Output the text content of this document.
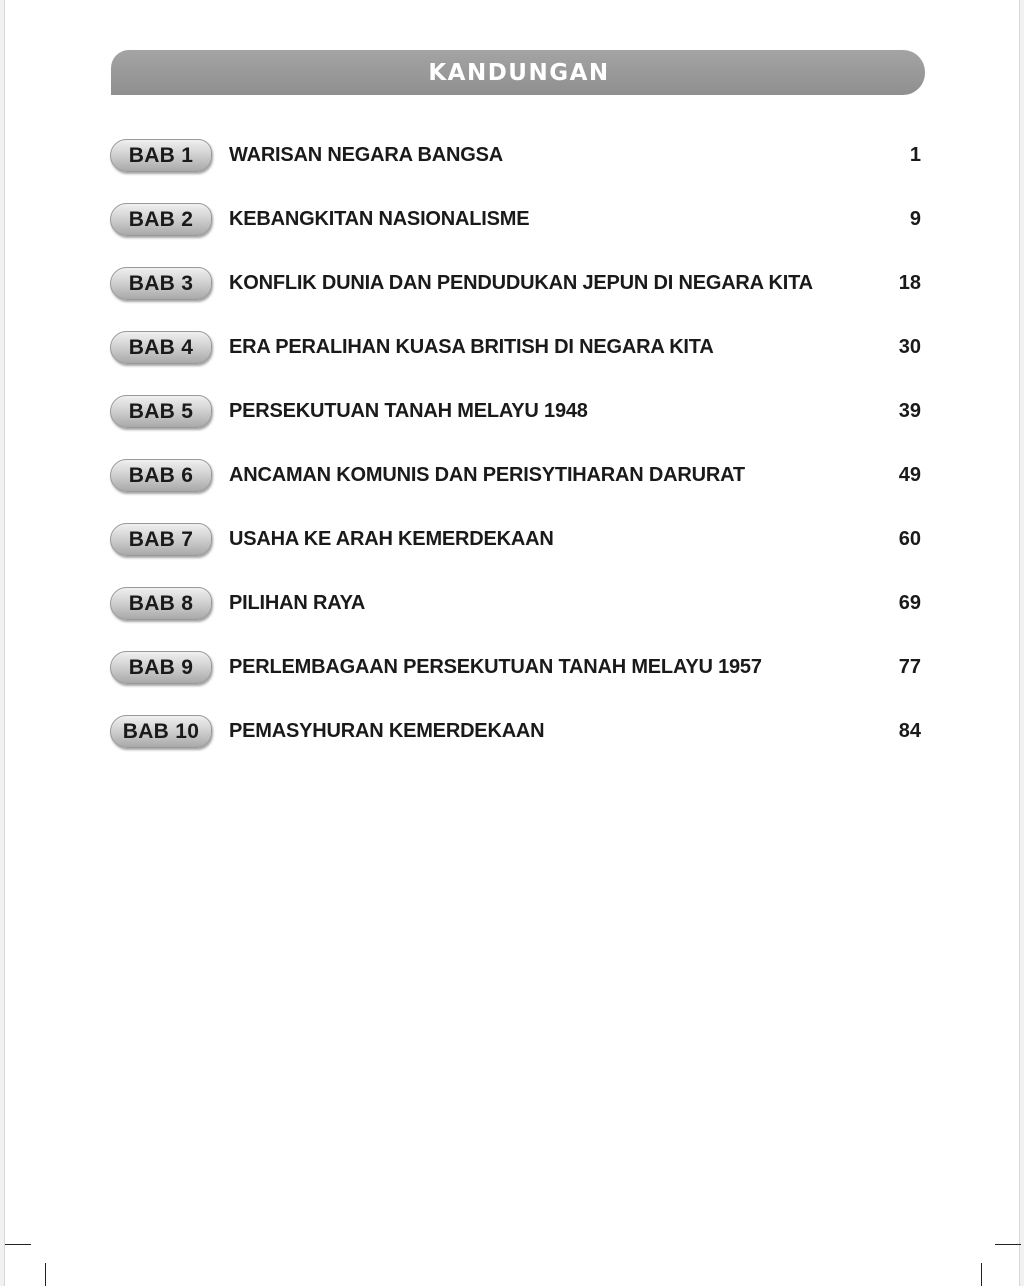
KANDUNGAN
BAB 1 WARISAN NEGARA BANGSA	1
BAB 2 KEBANGKITAN NASIONALISME	9
BAB 3 KONFLIK DUNIA DAN PENDUDUKAN JEPUN DI NEGARA KITA	18
BAB 4 ERA PERALIHAN KUASA BRITISH DI NEGARA KITA	30
BAB 5 PERSEKUTUAN TANAH MELAYU 1948	39
BAB 6 ANCAMAN KOMUNIS DAN PERISYTIHARAN DARURAT	49
BAB 7 USAHA KE ARAH KEMERDEKAAN	60
BAB 8 PILIHAN RAYA	69
BAB 9 PERLEMBAGAAN PERSEKUTUAN TANAH MELAYU 1957	77
BAB 10 PEMASYHURAN KEMERDEKAAN	84
